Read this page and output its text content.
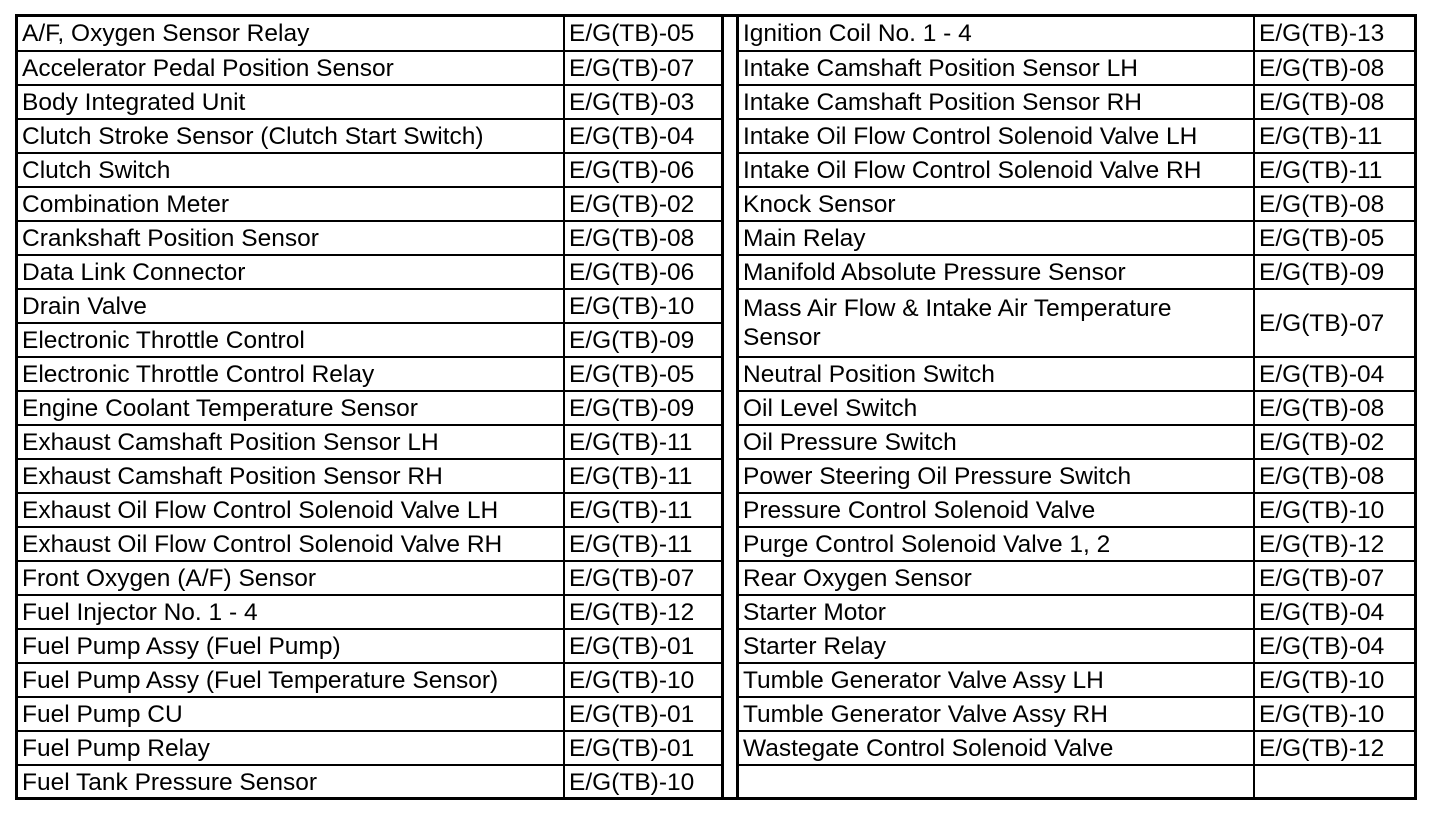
A/F, Oxygen Sensor Relay	E/G(TB)-05
Accelerator Pedal Position Sensor	E/G(TB)-07
Body Integrated Unit	E/G(TB)-03
Clutch Stroke Sensor (Clutch Start Switch)	E/G(TB)-04
Clutch Switch	E/G(TB)-06
Combination Meter	E/G(TB)-02
Crankshaft Position Sensor	E/G(TB)-08
Data Link Connector	E/G(TB)-06
Drain Valve	E/G(TB)-10
Electronic Throttle Control	E/G(TB)-09
Electronic Throttle Control Relay	E/G(TB)-05
Engine Coolant Temperature Sensor	E/G(TB)-09
Exhaust Camshaft Position Sensor LH	E/G(TB)-11
Exhaust Camshaft Position Sensor RH	E/G(TB)-11
Exhaust Oil Flow Control Solenoid Valve LH	E/G(TB)-11
Exhaust Oil Flow Control Solenoid Valve RH	E/G(TB)-11
Front Oxygen (A/F) Sensor	E/G(TB)-07
Fuel Injector No. 1 - 4	E/G(TB)-12
Fuel Pump Assy (Fuel Pump)	E/G(TB)-01
Fuel Pump Assy (Fuel Temperature Sensor)	E/G(TB)-10
Fuel Pump CU	E/G(TB)-01
Fuel Pump Relay	E/G(TB)-01
Fuel Tank Pressure Sensor	E/G(TB)-10
Ignition Coil No. 1 - 4	E/G(TB)-13
Intake Camshaft Position Sensor LH	E/G(TB)-08
Intake Camshaft Position Sensor RH	E/G(TB)-08
Intake Oil Flow Control Solenoid Valve LH	E/G(TB)-11
Intake Oil Flow Control Solenoid Valve RH	E/G(TB)-11
Knock Sensor	E/G(TB)-08
Main Relay	E/G(TB)-05
Manifold Absolute Pressure Sensor	E/G(TB)-09
Mass Air Flow & Intake Air Temperature Sensor	E/G(TB)-07
Neutral Position Switch	E/G(TB)-04
Oil Level Switch	E/G(TB)-08
Oil Pressure Switch	E/G(TB)-02
Power Steering Oil Pressure Switch	E/G(TB)-08
Pressure Control Solenoid Valve	E/G(TB)-10
Purge Control Solenoid Valve 1, 2	E/G(TB)-12
Rear Oxygen Sensor	E/G(TB)-07
Starter Motor	E/G(TB)-04
Starter Relay	E/G(TB)-04
Tumble Generator Valve Assy LH	E/G(TB)-10
Tumble Generator Valve Assy RH	E/G(TB)-10
Wastegate Control Solenoid Valve	E/G(TB)-12
